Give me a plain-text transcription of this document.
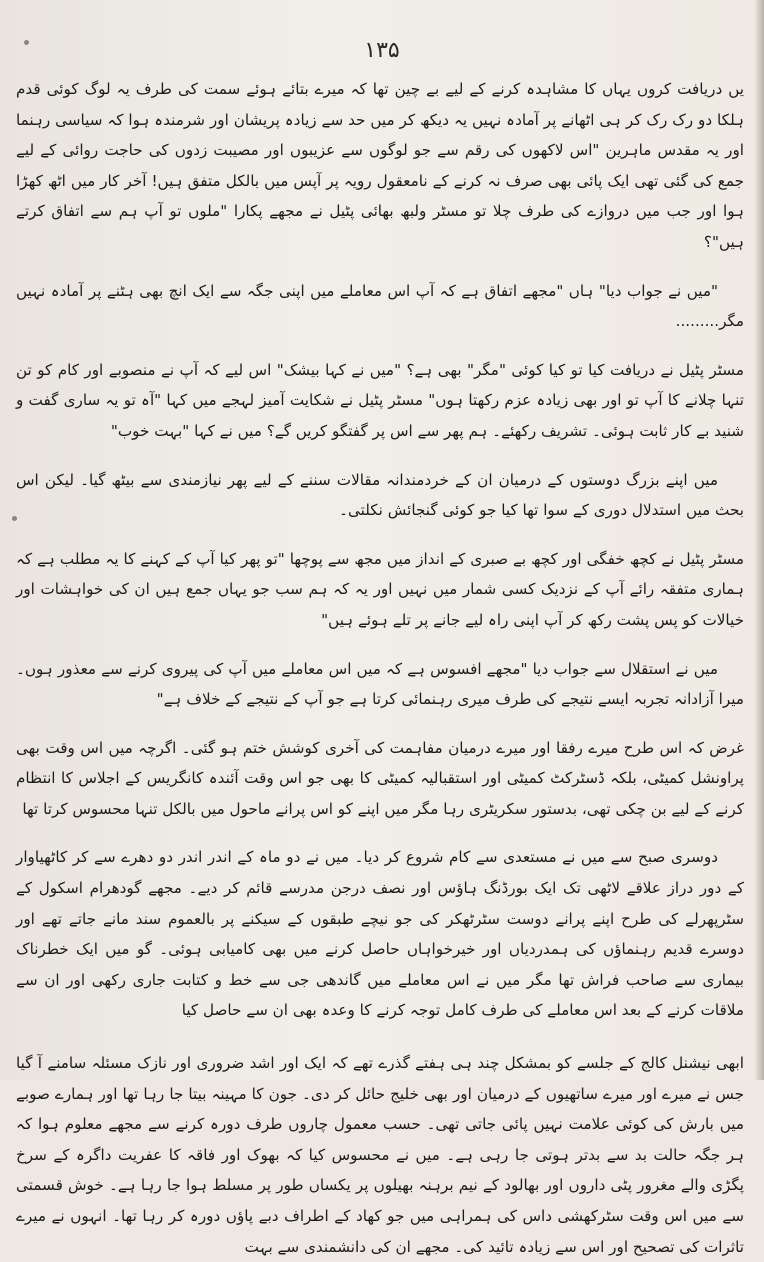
۱۳۵

یں دریافت کروں یہاں کا مشاہدہ کرنے کے لیے بے چین تھا کہ میرے بتائے ہوئے سمت کی طرف یہ لوگ کوئی قدم ہلکا دو رک رک کر ہی اٹھانے پر آمادہ نہیں یہ دیکھ کر میں حد سے زیادہ پریشان اور شرمندہ ہوا کہ سیاسی رہنما اور یہ مقدس ماہرین "اس لاکھوں کی رقم سے جو لوگوں سے عزیبوں اور مصیبت زدوں کی حاجت روائی کے لیے جمع کی گئی تھی ایک پائی بھی صرف نہ کرنے کے نامعقول رویہ پر آپس میں بالکل متفق ہیں! آخر کار میں اٹھ کھڑا ہوا اور جب میں دروازے کی طرف چلا تو مسٹر ولبھ بھائی پٹیل نے مجھے پکارا "ملوں تو آپ ہم سے اتفاق کرتے ہیں"؟

"میں نے جواب دیا" ہاں "مجھے اتفاق ہے کہ آپ اس معاملے میں اپنی جگہ سے ایک انچ بھی ہٹنے پر آمادہ نہیں مگر.........

مسٹر پٹیل نے دریافت کیا تو کیا کوئی "مگر" بھی ہے؟ "میں نے کہا بیشک" اس لیے کہ آپ نے منصوبے اور کام کو تن تنہا چلانے کا آپ تو اور بھی زیادہ عزم رکھتا ہوں" مسٹر پٹیل نے شکایت آمیز لہجے میں کہا "آہ تو یہ ساری گفت و شنید بے کار ثابت ہوئی۔ تشریف رکھئے۔ ہم پھر سے اس پر گفتگو کریں گے؟ میں نے کہا "بہت خوب"

میں اپنے بزرگ دوستوں کے درمیان ان کے خردمندانہ مقالات سننے کے لیے پھر نیازمندی سے بیٹھ گیا۔ لیکن اس بحث میں استدلال دوری کے سوا تھا کیا جو کوئی گنجائش نکلتی۔

مسٹر پٹیل نے کچھ خفگی اور کچھ بے صبری کے انداز میں مجھ سے پوچھا "تو پھر کیا آپ کے کہنے کا یہ مطلب ہے کہ ہماری متفقہ رائے آپ کے نزدیک کسی شمار میں نہیں اور یہ کہ ہم سب جو یہاں جمع ہیں ان کی خواہشات اور خیالات کو پس پشت رکھ کر آپ اپنی راہ لیے جانے پر تلے ہوئے ہیں"

میں نے استقلال سے جواب دیا "مجھے افسوس ہے کہ میں اس معاملے میں آپ کی پیروی کرنے سے معذور ہوں۔ میرا آزادانہ تجربہ ایسے نتیجے کی طرف میری رہنمائی کرتا ہے جو آپ کے نتیجے کے خلاف ہے"

غرض کہ اس طرح میرے رفقا اور میرے درمیان مفاہمت کی آخری کوشش ختم ہو گئی۔ اگرچہ میں اس وقت بھی پراونشل کمیٹی، بلکہ ڈسٹرکٹ کمیٹی اور استقبالیہ کمیٹی کا بھی جو اس وقت آئندہ کانگریس کے اجلاس کا انتظام کرنے کے لیے بن چکی تھی، بدستور سکریٹری رہا مگر میں اپنے کو اس پرانے ماحول میں بالکل تنہا محسوس کرتا تھا

دوسری صبح سے میں نے مستعدی سے کام شروع کر دیا۔ میں نے دو ماہ کے اندر اندر دو دھرے سے کر کاٹھیاوار کے دور دراز علاقے لاٹھی تک ایک بورڈنگ ہاؤس اور نصف درجن مدرسے قائم کر دیے۔ مجھے گودھرام اسکول کے سٹرپھرلے کی طرح اپنے پرانے دوست سٹرٹھکر کی جو نیچے طبقوں کے سیکنے پر بالعموم سند مانے جاتے تھے اور دوسرے قدیم رہنماؤں کی ہمدردیاں اور خیرخواہاں حاصل کرنے میں بھی کامیابی ہوئی۔ گو میں ایک خطرناک بیماری سے صاحب فراش تھا مگر میں نے اس معاملے میں گاندھی جی سے خط و کتابت جاری رکھی اور ان سے ملاقات کرنے کے بعد اس معاملے کی طرف کامل توجہ کرنے کا وعدہ بھی ان سے حاصل کیا

ابھی نیشنل کالج کے جلسے کو بمشکل چند ہی ہفتے گذرے تھے کہ ایک اور اشد ضروری اور نازک مسئلہ سامنے آ گیا جس نے میرے اور میرے ساتھیوں کے درمیان اور بھی خلیج حائل کر دی۔ جون کا مہینہ بیتا جا رہا تھا اور ہمارے صوبے میں بارش کی کوئی علامت نہیں پائی جاتی تھی۔ حسب معمول چاروں طرف دورہ کرنے سے مجھے معلوم ہوا کہ ہر جگہ حالت بد سے بدتر ہوتی جا رہی ہے۔ میں نے محسوس کیا کہ بھوک اور فاقہ کا عفریت داگرہ کے سرخ پگڑی والے مغرور پٹی داروں اور بھالود کے نیم برہنہ بھیلوں پر یکساں طور پر مسلط ہوا جا رہا ہے۔ خوش قسمتی سے میں اس وقت سٹرکھشی داس کی ہمراہی میں جو کھاد کے اطراف دبے پاؤں دورہ کر رہا تھا۔ انہوں نے میرے تاثرات کی تصحیح اور اس سے زیادہ تائید کی۔ مجھے ان کی دانشمندی سے بہت
